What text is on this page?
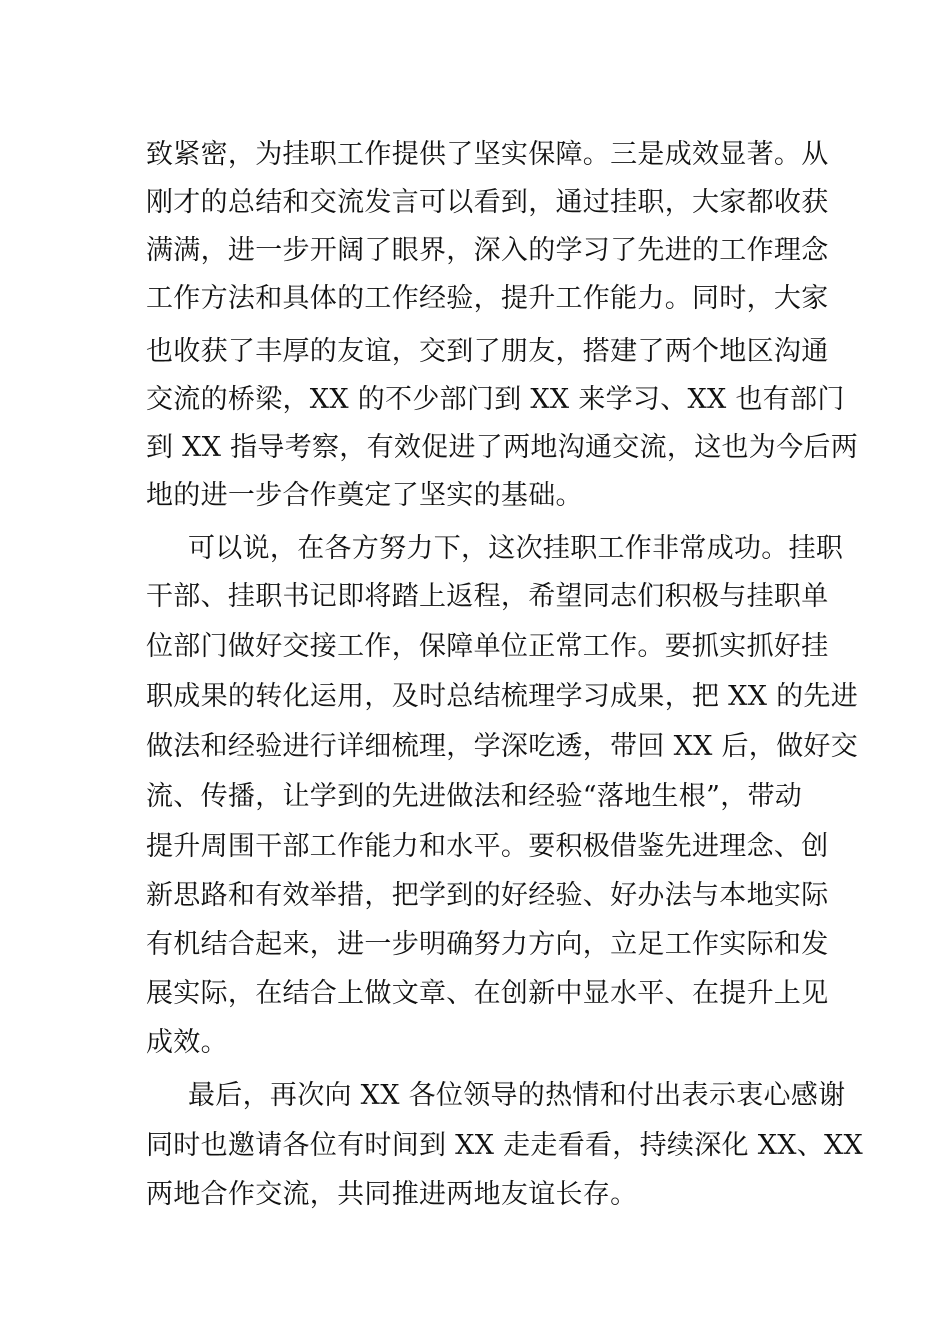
致紧密，为挂职工作提供了坚实保障。三是成效显著。从
刚才的总结和交流发言可以看到，通过挂职，大家都收获
满满，进一步开阔了眼界，深入的学习了先进的工作理念
工作方法和具体的工作经验，提升工作能力。同时，大家
也收获了丰厚的友谊，交到了朋友，搭建了两个地区沟通
交流的桥梁，XX 的不少部门到 XX 来学习、XX 也有部门
到 XX 指导考察，有效促进了两地沟通交流，这也为今后两
地的进一步合作奠定了坚实的基础。
可以说，在各方努力下，这次挂职工作非常成功。挂职
干部、挂职书记即将踏上返程，希望同志们积极与挂职单
位部门做好交接工作，保障单位正常工作。要抓实抓好挂
职成果的转化运用，及时总结梳理学习成果，把 XX 的先进
做法和经验进行详细梳理，学深吃透，带回 XX 后，做好交
流、传播，让学到的先进做法和经验“落地生根”，带动
提升周围干部工作能力和水平。要积极借鉴先进理念、创
新思路和有效举措，把学到的好经验、好办法与本地实际
有机结合起来，进一步明确努力方向，立足工作实际和发
展实际，在结合上做文章、在创新中显水平、在提升上见
成效。
最后，再次向 XX 各位领导的热情和付出表示衷心感谢
同时也邀请各位有时间到 XX 走走看看，持续深化 XX、XX
两地合作交流，共同推进两地友谊长存。
